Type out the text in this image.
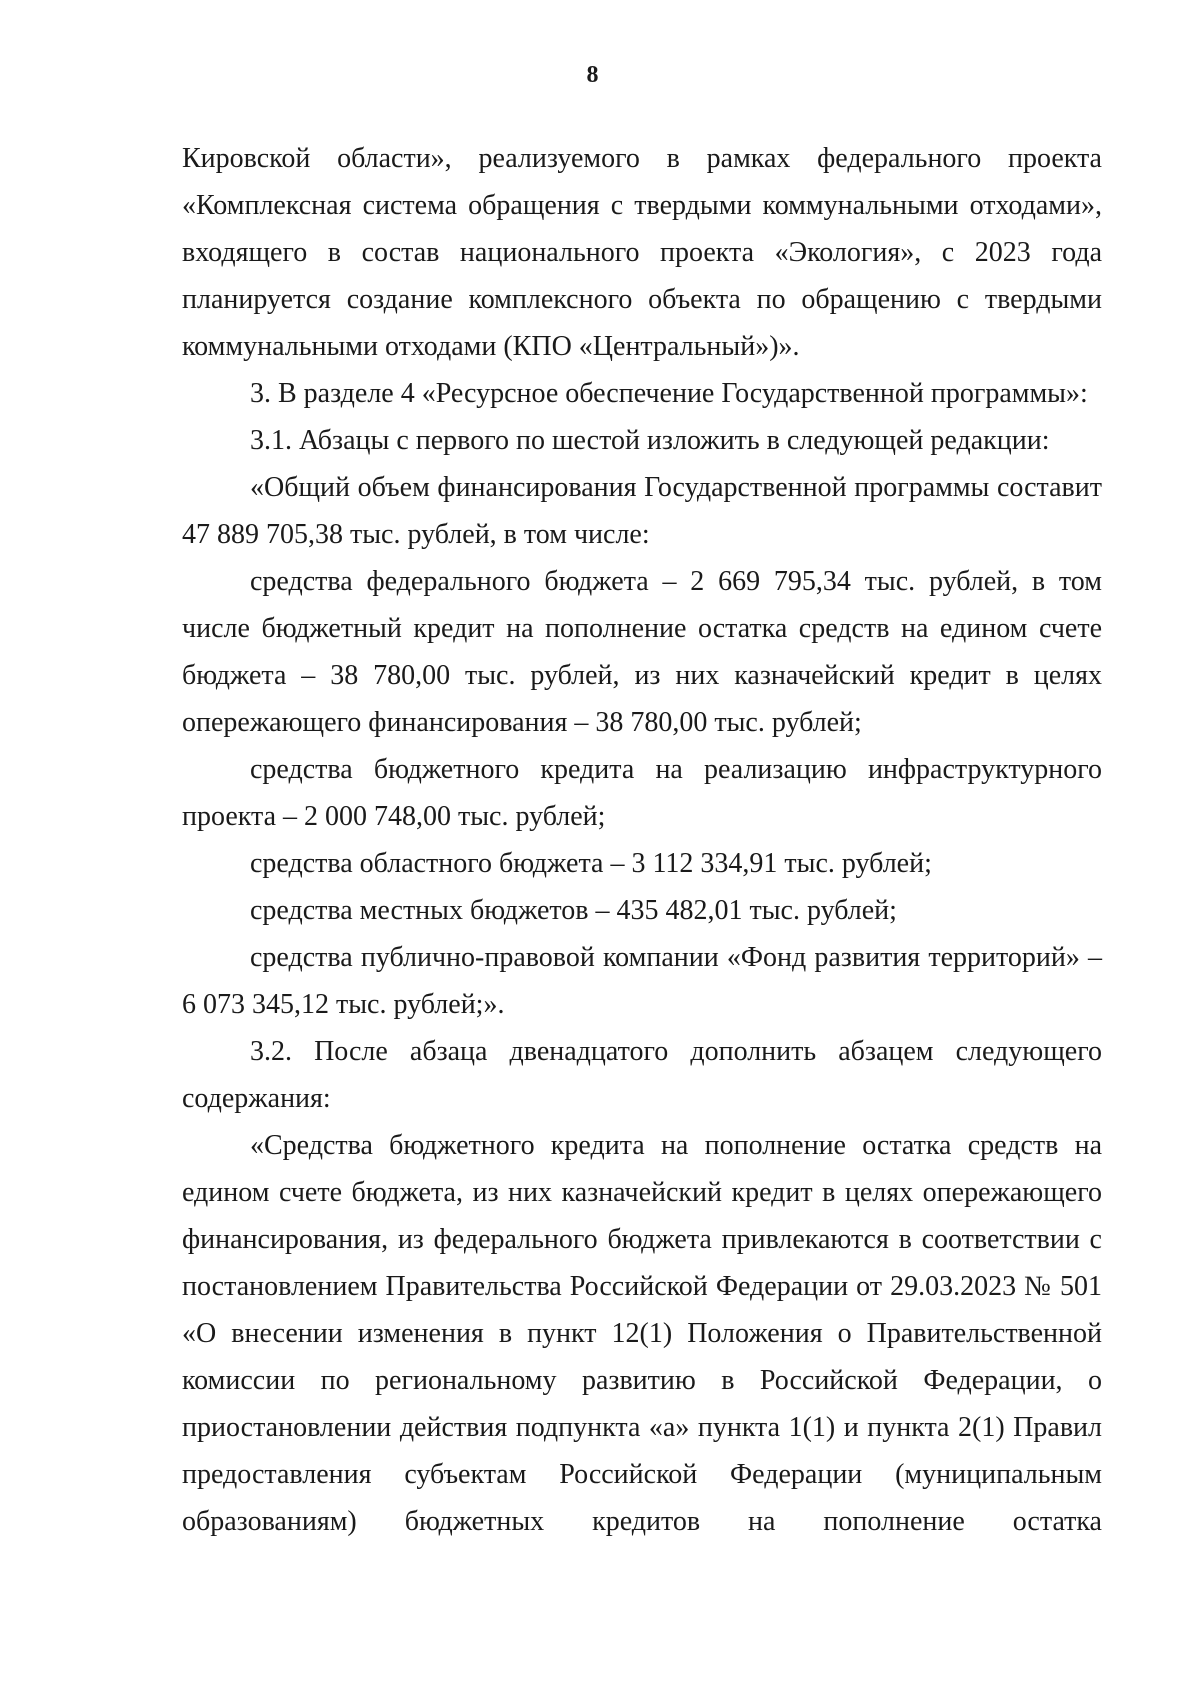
8

Кировской области», реализуемого в рамках федерального проекта «Комплексная система обращения с твердыми коммунальными отходами», входящего в состав национального проекта «Экология», с 2023 года планируется создание комплексного объекта по обращению с твердыми коммунальными отходами (КПО «Центральный»)».

3. В разделе 4 «Ресурсное обеспечение Государственной программы»:

3.1. Абзацы с первого по шестой изложить в следующей редакции:

«Общий объем финансирования Государственной программы составит 47 889 705,38 тыс. рублей, в том числе:

средства федерального бюджета – 2 669 795,34 тыс. рублей, в том числе бюджетный кредит на пополнение остатка средств на едином счете бюджета – 38 780,00 тыс. рублей, из них казначейский кредит в целях опережающего финансирования – 38 780,00 тыс. рублей;

средства бюджетного кредита на реализацию инфраструктурного проекта – 2 000 748,00 тыс. рублей;

средства областного бюджета – 3 112 334,91 тыс. рублей;

средства местных бюджетов – 435 482,01 тыс. рублей;

средства публично-правовой компании «Фонд развития территорий» – 6 073 345,12 тыс. рублей;».

3.2. После абзаца двенадцатого дополнить абзацем следующего содержания:

«Средства бюджетного кредита на пополнение остатка средств на едином счете бюджета, из них казначейский кредит в целях опережающего финансирования, из федерального бюджета привлекаются в соответствии с постановлением Правительства Российской Федерации от 29.03.2023 № 501 «О внесении изменения в пункт 12(1) Положения о Правительственной комиссии по региональному развитию в Российской Федерации, о приостановлении действия подпункта «а» пункта 1(1) и пункта 2(1) Правил предоставления субъектам Российской Федерации (муниципальным образованиям) бюджетных кредитов на пополнение остатка
